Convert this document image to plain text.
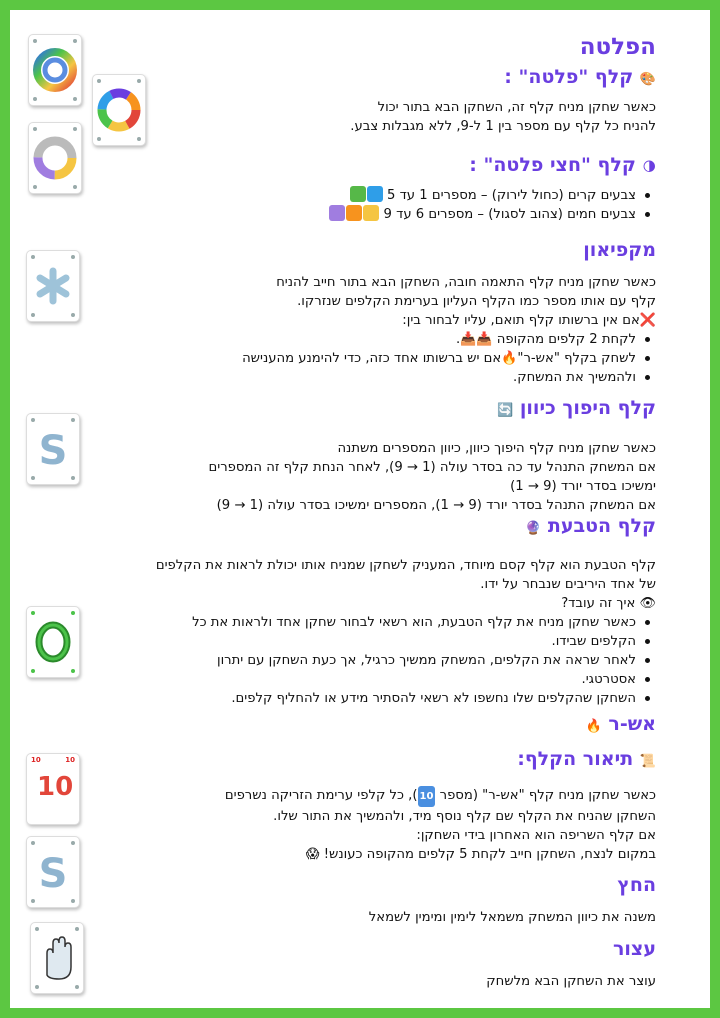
הפלטה
🎨 קלף "פלטה" :
כאשר שחקן מניח קלף זה, השחקן הבא בתור יכול
להניח כל קלף עם מספר בין 1 ל-9, ללא מגבלות צבע.
🌗 קלף "חצי פלטה" :
צבעים קרים (כחול לירוק) – מספרים 1 עד 5
צבעים חמים (צהוב לסגול) – מספרים 6 עד 9
מקפיאון
כאשר שחקן מניח קלף התאמה חובה, השחקן הבא בתור חייב להניח
קלף עם אותו מספר כמו הקלף העליון בערימת הקלפים שנזרקו.
❌אם אין ברשותו קלף תואם, עליו לבחור בין:
לקחת 2 קלפים מהקופה 📥📥.
לשחק בקלף "אש-ר"🔥אם יש ברשותו אחד כזה, כדי להימנע מהענישה
ולהמשיך את המשחק.
S
קלף היפוך כיוון 🔄
כאשר שחקן מניח קלף היפוך כיוון, כיוון המספרים משתנה
אם המשחק התנהל עד כה בסדר עולה (1 → 9), לאחר הנחת קלף זה המספרים
ימשיכו בסדר יורד (9 → 1)
אם המשחק התנהל בסדר יורד (9 → 1), המספרים ימשיכו בסדר עולה (1 → 9)
קלף הטבעת 🔮
קלף הטבעת הוא קלף קסם מיוחד, המעניק לשחקן שמניח אותו יכולת לראות את הקלפים
של אחד היריבים שנבחר על ידו.
👁 איך זה עובד?
כאשר שחקן מניח את קלף הטבעת, הוא רשאי לבחור שחקן אחד ולראות את כל
הקלפים שבידו.
לאחר שראה את הקלפים, המשחק ממשיך כרגיל, אך כעת השחקן עם יתרון
אסטרטגי.
השחקן שהקלפים שלו נחשפו לא רשאי להסתיר מידע או להחליף קלפים.
אש-ר 🔥
📜 תיאור הקלף:
כאשר שחקן מניח קלף "אש-ר" (מספר 10), כל קלפי ערימת הזריקה נשרפים
השחקן שהניח את הקלף שם קלף נוסף מיד, ולהמשיך את התור שלו.
אם קלף השריפה הוא האחרון בידי השחקן:
במקום לנצח, השחקן חייב לקחת 5 קלפים מהקופה כעונש! 😱
10	10
10
S	החץ
משנה את כיוון המשחק משמאל לימין ומימין לשמאל
עצור
עוצר את השחקן הבא מלשחק
